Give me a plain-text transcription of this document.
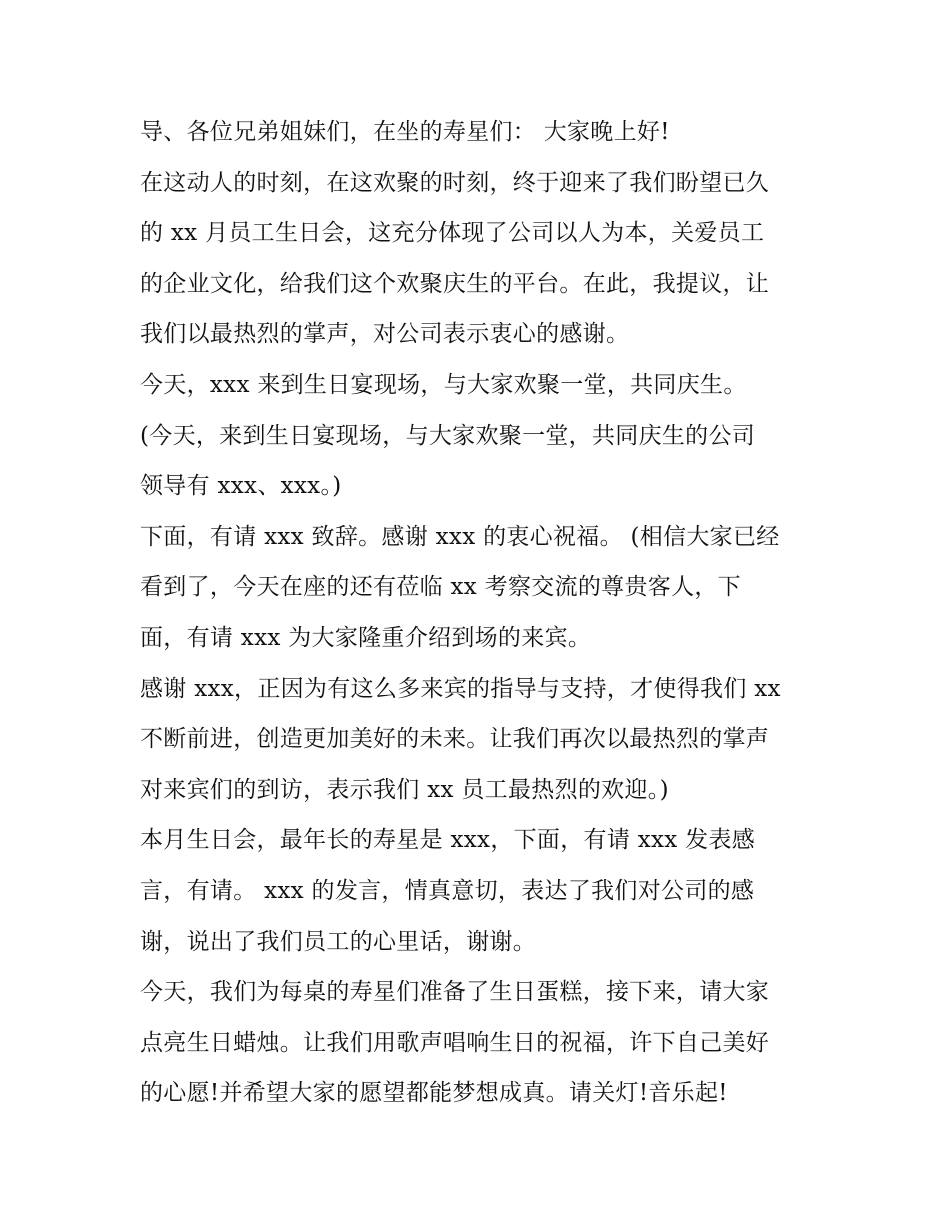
导、各位兄弟姐妹们，在坐的寿星们： 大家晚上好!
在这动人的时刻，在这欢聚的时刻，终于迎来了我们盼望已久
的 xx 月员工生日会，这充分体现了公司以人为本，关爱员工
的企业文化，给我们这个欢聚庆生的平台。在此，我提议，让
我们以最热烈的掌声，对公司表示衷心的感谢。
今天，xxx 来到生日宴现场，与大家欢聚一堂，共同庆生。
(今天，来到生日宴现场，与大家欢聚一堂，共同庆生的公司
领导有 xxx、xxx。)
下面，有请 xxx 致辞。感谢 xxx 的衷心祝福。 (相信大家已经
看到了，今天在座的还有莅临 xx 考察交流的尊贵客人，下
面，有请 xxx 为大家隆重介绍到场的来宾。
感谢 xxx，正因为有这么多来宾的指导与支持，才使得我们 xx
不断前进，创造更加美好的未来。让我们再次以最热烈的掌声
对来宾们的到访，表示我们 xx 员工最热烈的欢迎。)
本月生日会，最年长的寿星是 xxx，下面，有请 xxx 发表感
言，有请。 xxx 的发言，情真意切，表达了我们对公司的感
谢，说出了我们员工的心里话，谢谢。
今天，我们为每桌的寿星们准备了生日蛋糕，接下来，请大家
点亮生日蜡烛。让我们用歌声唱响生日的祝福，许下自己美好
的心愿!并希望大家的愿望都能梦想成真。请关灯!音乐起!
